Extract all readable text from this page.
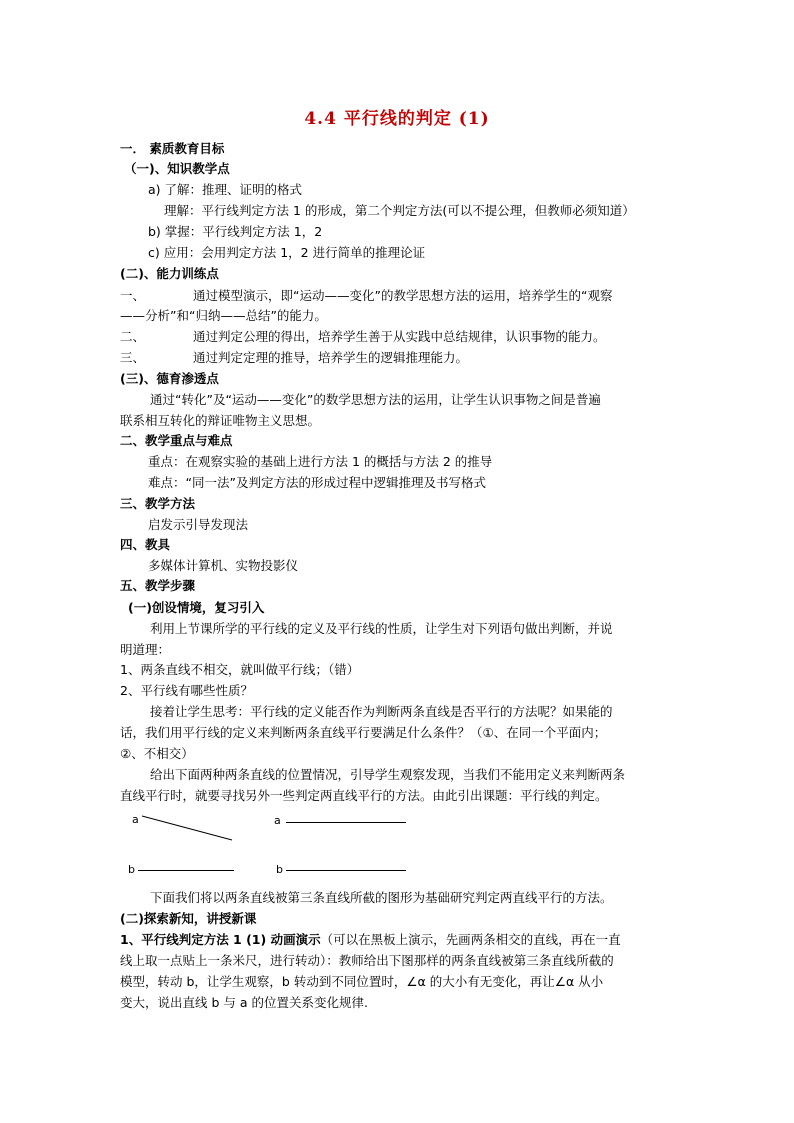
4.4 平行线的判定 (1)
一． 素质教育目标
（一)、知识教学点
a) 了解：推理、证明的格式
理解：平行线判定方法 1 的形成，第二个判定方法(可以不提公理，但教师必须知道）
b) 掌握：平行线判定方法 1，2
c) 应用：会用判定方法 1，2 进行简单的推理论证
(二)、能力训练点
一、	通过模型演示，即“运动——变化”的教学思想方法的运用，培养学生的“观察
——分析”和“归纳——总结”的能力。
二、	通过判定公理的得出，培养学生善于从实践中总结规律，认识事物的能力。
三、	通过判定定理的推导，培养学生的逻辑推理能力。
(三)、德育渗透点
通过“转化”及“运动——变化”的数学思想方法的运用，让学生认识事物之间是普遍
联系相互转化的辩证唯物主义思想。
二、教学重点与难点
重点：在观察实验的基础上进行方法 1 的概括与方法 2 的推导
难点：“同一法”及判定方法的形成过程中逻辑推理及书写格式
三、教学方法
启发示引导发现法
四、教具
多媒体计算机、实物投影仪
五、教学步骤
(一)创设情境，复习引入
利用上节课所学的平行线的定义及平行线的性质，让学生对下列语句做出判断，并说
明道理：
1、两条直线不相交，就叫做平行线；（错）
2、平行线有哪些性质？
接着让学生思考：平行线的定义能否作为判断两条直线是否平行的方法呢？如果能的
话，我们用平行线的定义来判断两条直线平行要满足什么条件？（①、在同一个平面内；
②、不相交）
给出下面两种两条直线的位置情况，引导学生观察发现，当我们不能用定义来判断两条
直线平行时，就要寻找另外一些判定两直线平行的方法。由此引出课题：平行线的判定。
a
b
a
b
下面我们将以两条直线被第三条直线所截的图形为基础研究判定两直线平行的方法。
(二)探索新知，讲授新课
1、平行线判定方法 1 (1) 动画演示（可以在黑板上演示，先画两条相交的直线，再在一直
线上取一点贴上一条米尺，进行转动）：教师给出下图那样的两条直线被第三条直线所截的
模型，转动 b，让学生观察，b 转动到不同位置时，∠α 的大小有无变化，再让∠α 从小
变大，说出直线 b 与 a 的位置关系变化规律.
